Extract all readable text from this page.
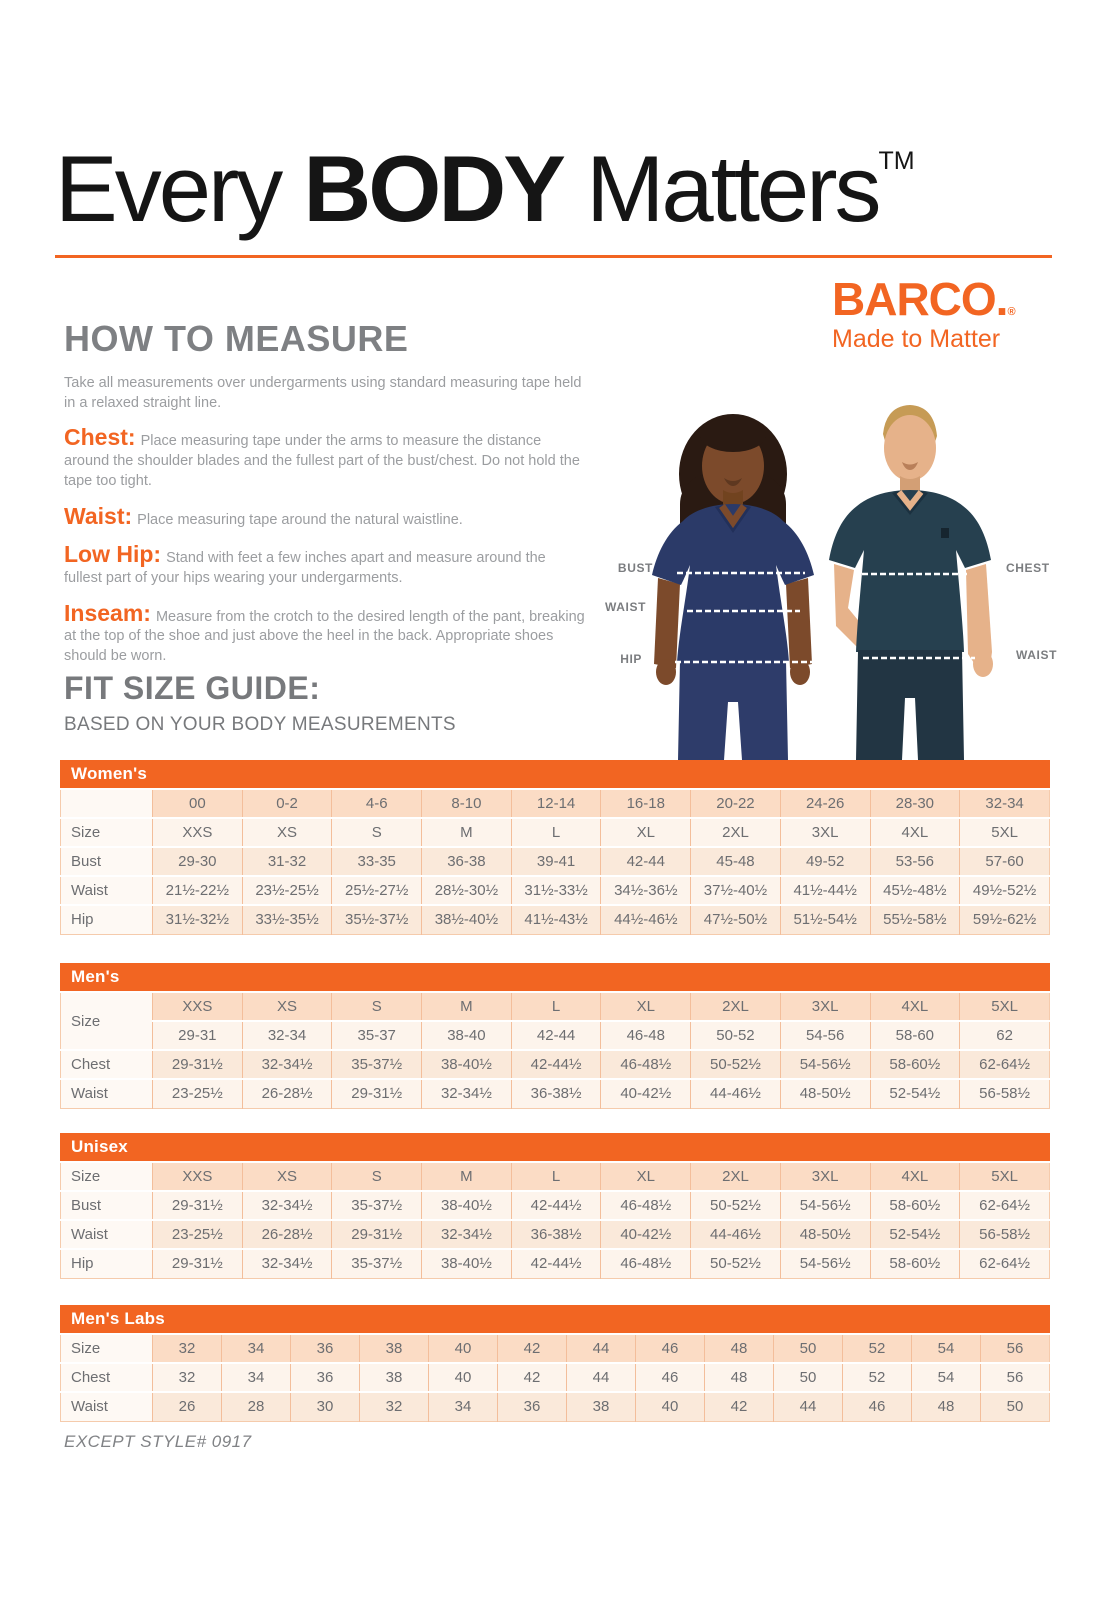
Every BODY Matters™
BARCO.®
Made to Matter
HOW TO MEASURE

Take all measurements over undergarments using standard measuring tape held in a relaxed straight line.

Chest: Place measuring tape under the arms to measure the distance around the shoulder blades and the fullest part of the bust/chest. Do not hold the tape too tight.

Waist: Place measuring tape around the natural waistline.

Low Hip: Stand with feet a few inches apart and measure around the fullest part of your hips wearing your undergarments.

Inseam: Measure from the crotch to the desired length of the pant, breaking at the top of the shoe and just above the heel in the back. Appropriate shoes should be worn.

BUST
WAIST
HIP
CHEST
WAIST
FIT SIZE GUIDE:
BASED ON YOUR BODY MEASUREMENTS
Women's
	00	0-2	4-6	8-10	12-14	16-18	20-22	24-26	28-30	32-34
Size	XXS	XS	S	M	L	XL	2XL	3XL	4XL	5XL
Bust	29-30	31-32	33-35	36-38	39-41	42-44	45-48	49-52	53-56	57-60
Waist	21½-22½	23½-25½	25½-27½	28½-30½	31½-33½	34½-36½	37½-40½	41½-44½	45½-48½	49½-52½
Hip	31½-32½	33½-35½	35½-37½	38½-40½	41½-43½	44½-46½	47½-50½	51½-54½	55½-58½	59½-62½
Men's
Size	XXS	XS	S	M	L	XL	2XL	3XL	4XL	5XL
	29-31	32-34	35-37	38-40	42-44	46-48	50-52	54-56	58-60	62
Chest	29-31½	32-34½	35-37½	38-40½	42-44½	46-48½	50-52½	54-56½	58-60½	62-64½
Waist	23-25½	26-28½	29-31½	32-34½	36-38½	40-42½	44-46½	48-50½	52-54½	56-58½
Unisex
Size	XXS	XS	S	M	L	XL	2XL	3XL	4XL	5XL
Bust	29-31½	32-34½	35-37½	38-40½	42-44½	46-48½	50-52½	54-56½	58-60½	62-64½
Waist	23-25½	26-28½	29-31½	32-34½	36-38½	40-42½	44-46½	48-50½	52-54½	56-58½
Hip	29-31½	32-34½	35-37½	38-40½	42-44½	46-48½	50-52½	54-56½	58-60½	62-64½
Men's Labs
Size	32	34	36	38	40	42	44	46	48	50	52	54	56
Chest	32	34	36	38	40	42	44	46	48	50	52	54	56
Waist	26	28	30	32	34	36	38	40	42	44	46	48	50
EXCEPT STYLE# 0917
